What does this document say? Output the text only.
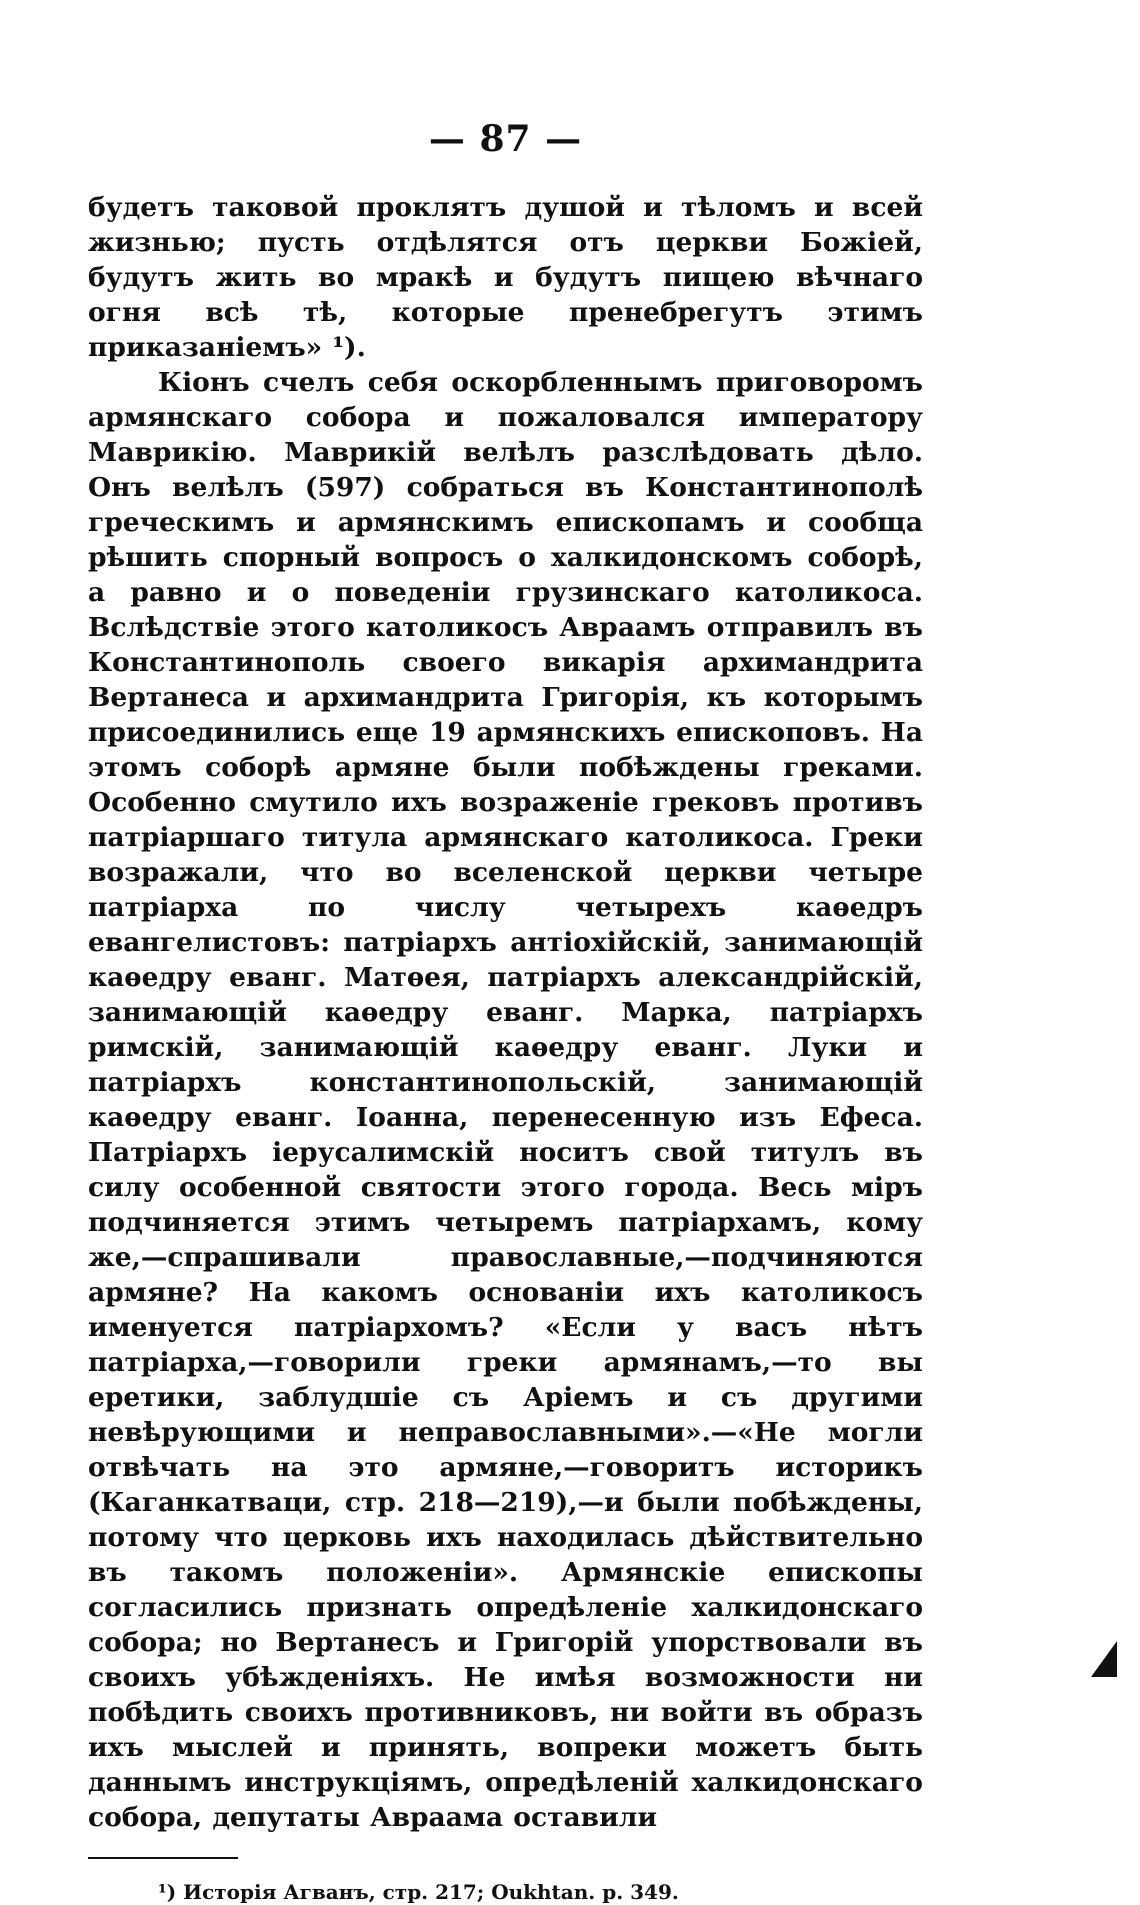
— 87 —

будетъ таковой проклятъ душой и тѣломъ и всей жизнью; пусть отдѣлятся отъ церкви Божіей, будутъ жить во мракѣ и будутъ пищею вѣчнаго огня всѣ тѣ, которые пренебрегутъ этимъ приказаніемъ» ¹).

Кіонъ счелъ себя оскорбленнымъ приговоромъ армянскаго собора и пожаловался императору Маврикію. Маврикій велѣлъ разслѣдовать дѣло. Онъ велѣлъ (597) собраться въ Константинополѣ греческимъ и армянскимъ епископамъ и сообща рѣшить спорный вопросъ о халкидонскомъ соборѣ, а равно и о поведеніи грузинскаго католикоса. Вслѣдствіе этого католикосъ Авраамъ отправилъ въ Константинополь своего викарія архимандрита Вертанеса и архимандрита Григорія, къ которымъ присоединились еще 19 армянскихъ епископовъ. На этомъ соборѣ армяне были побѣждены греками. Особенно смутило ихъ возраженіе грековъ противъ патріаршаго титула армянскаго католикоса. Греки возражали, что во вселенской церкви четыре патріарха по числу четырехъ каѳедръ евангелистовъ: патріархъ антіохійскій, занимающій каѳедру еванг. Матѳея, патріархъ александрійскій, занимающій каѳедру еванг. Марка, патріархъ римскій, занимающій каѳедру еванг. Луки и патріархъ константинопольскій, занимающій каѳедру еванг. Іоанна, перенесенную изъ Ефеса. Патріархъ іерусалимскій носитъ свой титулъ въ силу особенной святости этого города. Весь міръ подчиняется этимъ четыремъ патріархамъ, кому же,—спрашивали православные,—подчиняются армяне? На какомъ основаніи ихъ католикосъ именуется патріархомъ? «Если у васъ нѣтъ патріарха,—говорили греки армянамъ,—то вы еретики, заблудшіе съ Аріемъ и съ другими невѣрующими и неправославными».—«Не могли отвѣчать на это армяне,—говоритъ историкъ (Каганкатваци, стр. 218—219),—и были побѣждены, потому что церковь ихъ находилась дѣйствительно въ такомъ положеніи». Армянскіе епископы согласились признать опредѣленіе халкидонскаго собора; но Вертанесъ и Григорій упорствовали въ своихъ убѣжденіяхъ. Не имѣя возможности ни побѣдить своихъ противниковъ, ни войти въ образъ ихъ мыслей и принять, вопреки можетъ быть даннымъ инструкціямъ, опредѣленій халкидонскаго собора, депутаты Авраама оставили

¹) Исторія Агванъ, стр. 217; Oukhtan. p. 349.
